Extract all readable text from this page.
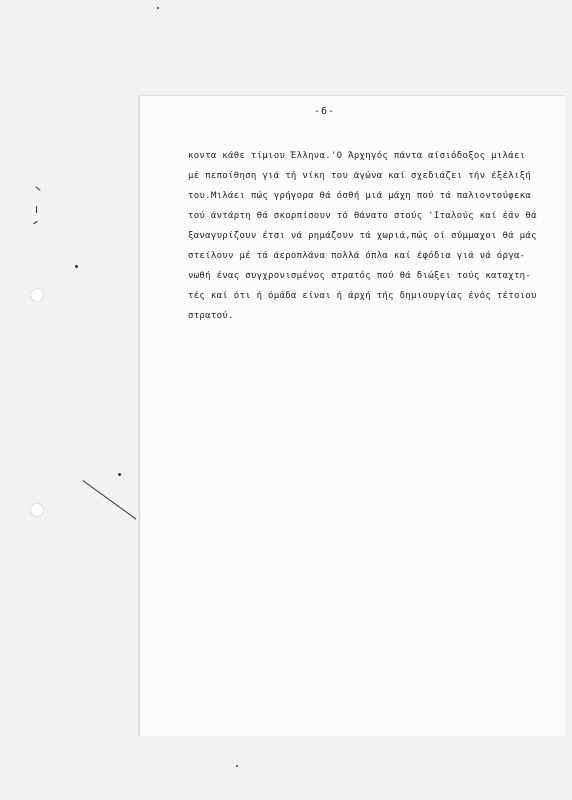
-6-
κοντα κάθε τίμιου Έλληνα.'Ο Άρχηγός πάντα αίσιόδοξος μιλάει
μέ πεποίθηση γιά τή νίκη του άγώνα καί σχεδιάζει τήν έξέλιξή
του.Μιλάει πώς γρήγορα θά όσθή μιά μάχη πού τά παλιοντούφεκα
τού άντάρτη θά σκορπίσουν τό θάνατο στούς 'Ιταλούς καί έάν θά
ξαναγυρίζουν έτσι νά ρημάζουν τά χωριά,πώς οί σύμμαχοι θά μάς
στείλουν μέ τά άεροπλάνα πολλά όπλα καί έφόδια γιά νά όργα-
νωθή ένας συγχρονισμένος στρατός πού θά διώξει τούς καταχτη-
τές καί ότι ή όμάδα είναι ή άρχή τής δημιουργίας ένός τέτοιου
στρατού.
